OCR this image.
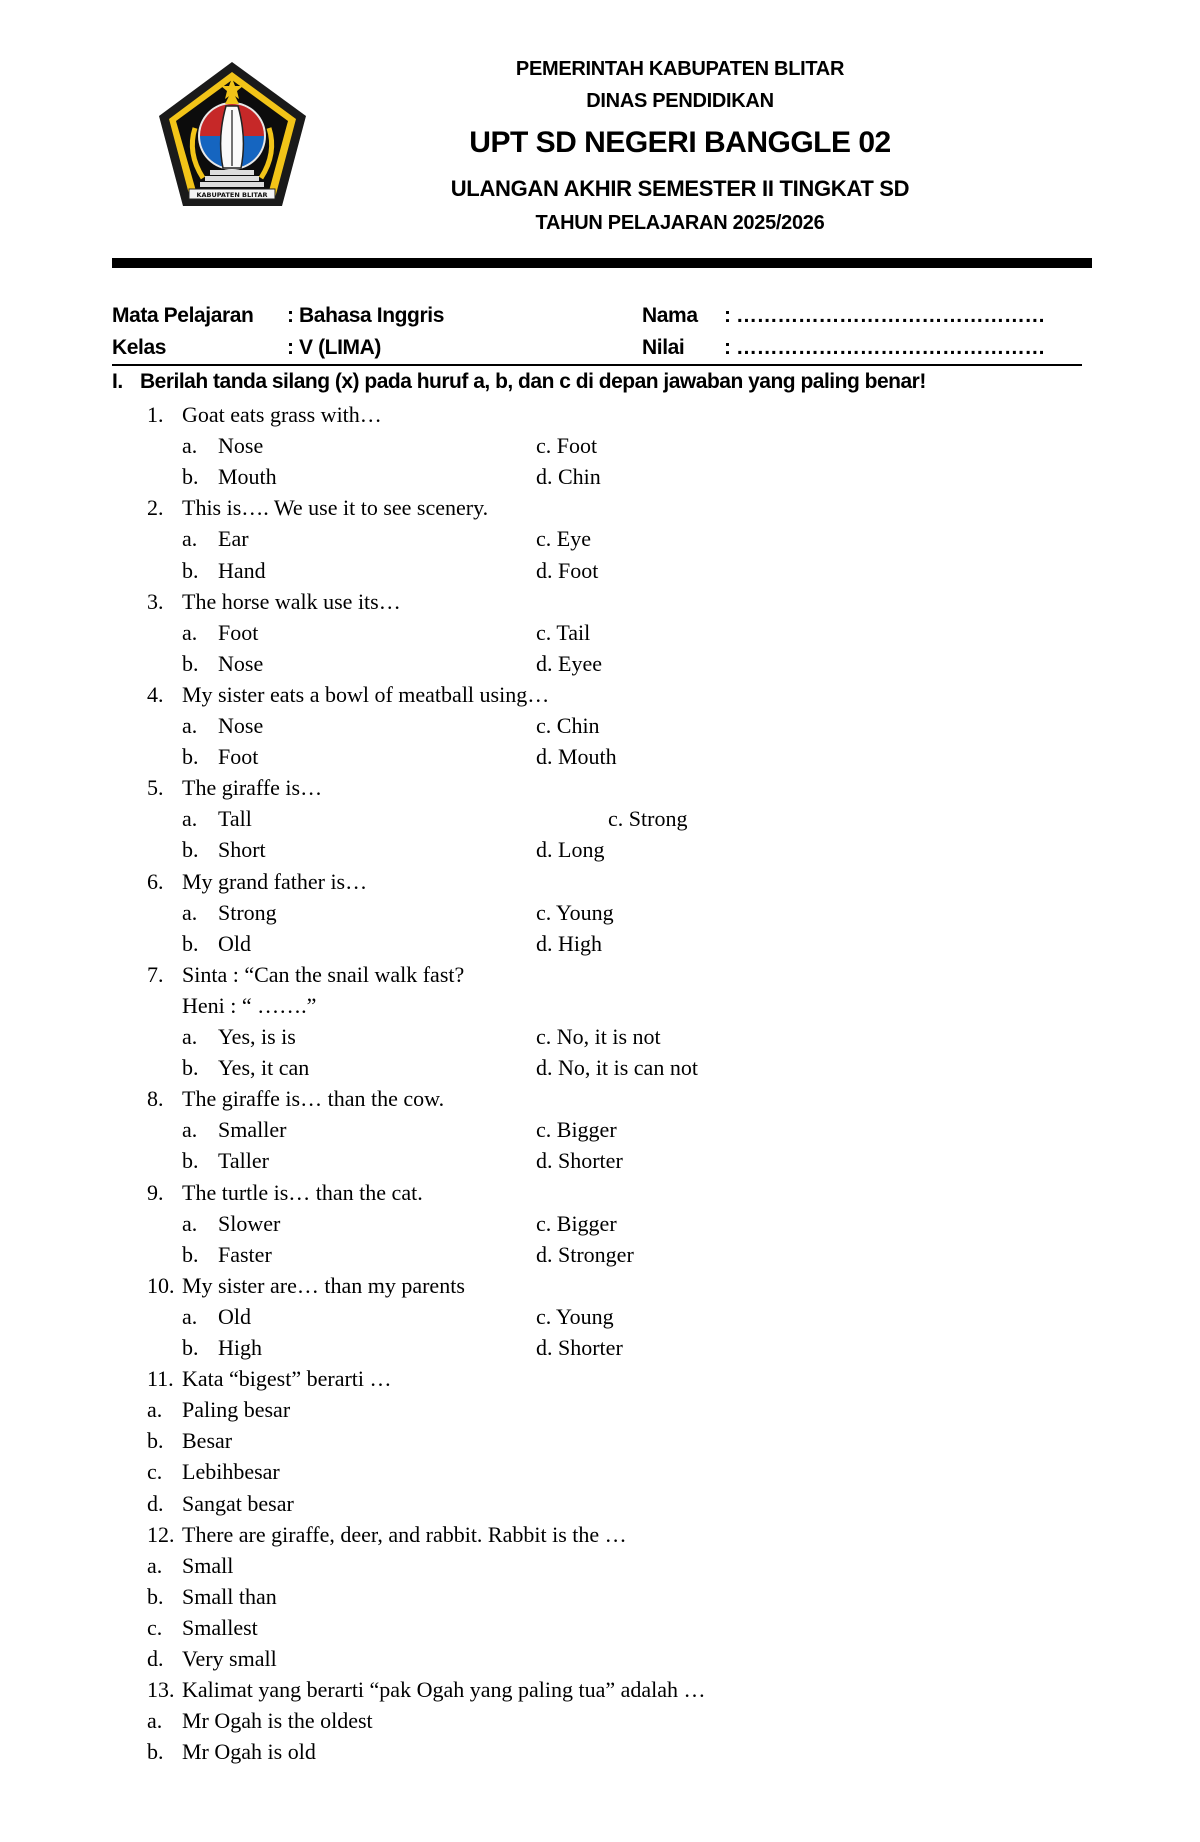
KABUPATEN BLITAR
PEMERINTAH KABUPATEN BLITAR
DINAS PENDIDIKAN
UPT SD NEGERI BANGGLE 02
ULANGAN AKHIR SEMESTER II TINGKAT SD
TAHUN PELAJARAN 2025/2026
Mata Pelajaran : Bahasa Inggris
Kelas	: V (LIMA)
Nama : ………………………………………
Nilai : ………………………………………
I. Berilah tanda silang (x) pada huruf a, b, dan c di depan jawaban yang paling benar!
1. Goat eats grass with…
a. Nose	c. Foot
b. Mouth	d. Chin
2. This is…. We use it to see scenery.
a. Ear	c. Eye
b. Hand	d. Foot
3. The horse walk use its…
a. Foot	c. Tail
b. Nose	d. Eyee
4. My sister eats a bowl of meatball using…
a. Nose	c. Chin
b. Foot	d. Mouth
5. The giraffe is…
a. Tall	c. Strong
b. Short	d. Long
6. My grand father is…
a. Strong	c. Young
b. Old	d. High
7. Sinta : “Can the snail walk fast?
Heni : “ …….”
a. Yes, is is	c. No, it is not
b. Yes, it can	d. No, it is can not
8. The giraffe is… than the cow.
a. Smaller	c. Bigger
b. Taller	d. Shorter
9. The turtle is… than the cat.
a. Slower	c. Bigger
b. Faster	d. Stronger
10. My sister are… than my parents
a. Old	c. Young
b. High	d. Shorter
11. Kata “bigest” berarti …
a. Paling besar
b. Besar
c. Lebihbesar
d. Sangat besar
12. There are giraffe, deer, and rabbit. Rabbit is the …
a. Small
b. Small than
c. Smallest
d. Very small
13. Kalimat yang berarti “pak Ogah yang paling tua” adalah …
a. Mr Ogah is the oldest
b. Mr Ogah is old
